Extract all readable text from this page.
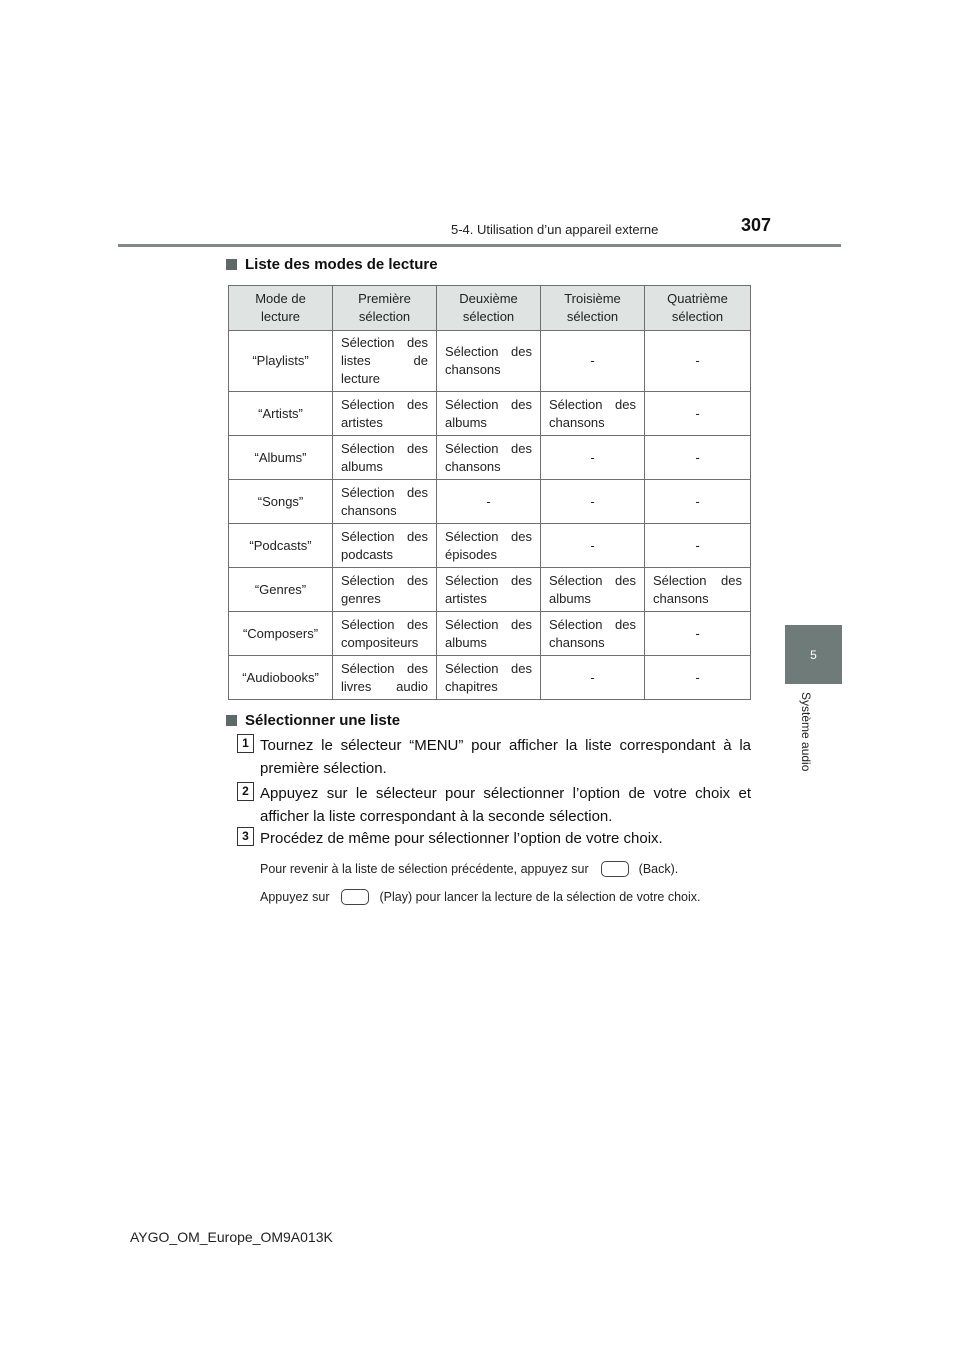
5-4. Utilisation d’un appareil externe	307
5
Système audio
Liste des modes de lecture
Mode de lecture	Première sélection	Deuxième sélection	Troisième sélection	Quatrième sélection
“Playlists”	Sélection des listes de lecture	Sélection des chansons	-	-
“Artists”	Sélection des artistes	Sélection des albums	Sélection des chansons	-
“Albums”	Sélection des albums	Sélection des chansons	-	-
“Songs”	Sélection des chansons	-	-	-
“Podcasts”	Sélection des podcasts	Sélection des épisodes	-	-
“Genres”	Sélection des genres	Sélection des artistes	Sélection des albums	Sélection des chansons
“Composers”	Sélection des compositeurs	Sélection des albums	Sélection des chansons	-
“Audiobooks”	Sélection des livres audio	Sélection des chapitres	-	-
Sélectionner une liste
1 Tournez le sélecteur “MENU” pour afficher la liste correspondant à la première sélection.
2 Appuyez sur le sélecteur pour sélectionner l’option de votre choix et afficher la liste correspondant à la seconde sélection.
3 Procédez de même pour sélectionner l’option de votre choix.
Pour revenir à la liste de sélection précédente, appuyez sur	(Back).
Appuyez sur	(Play) pour lancer la lecture de la sélection de votre choix.
AYGO_OM_Europe_OM9A013K
